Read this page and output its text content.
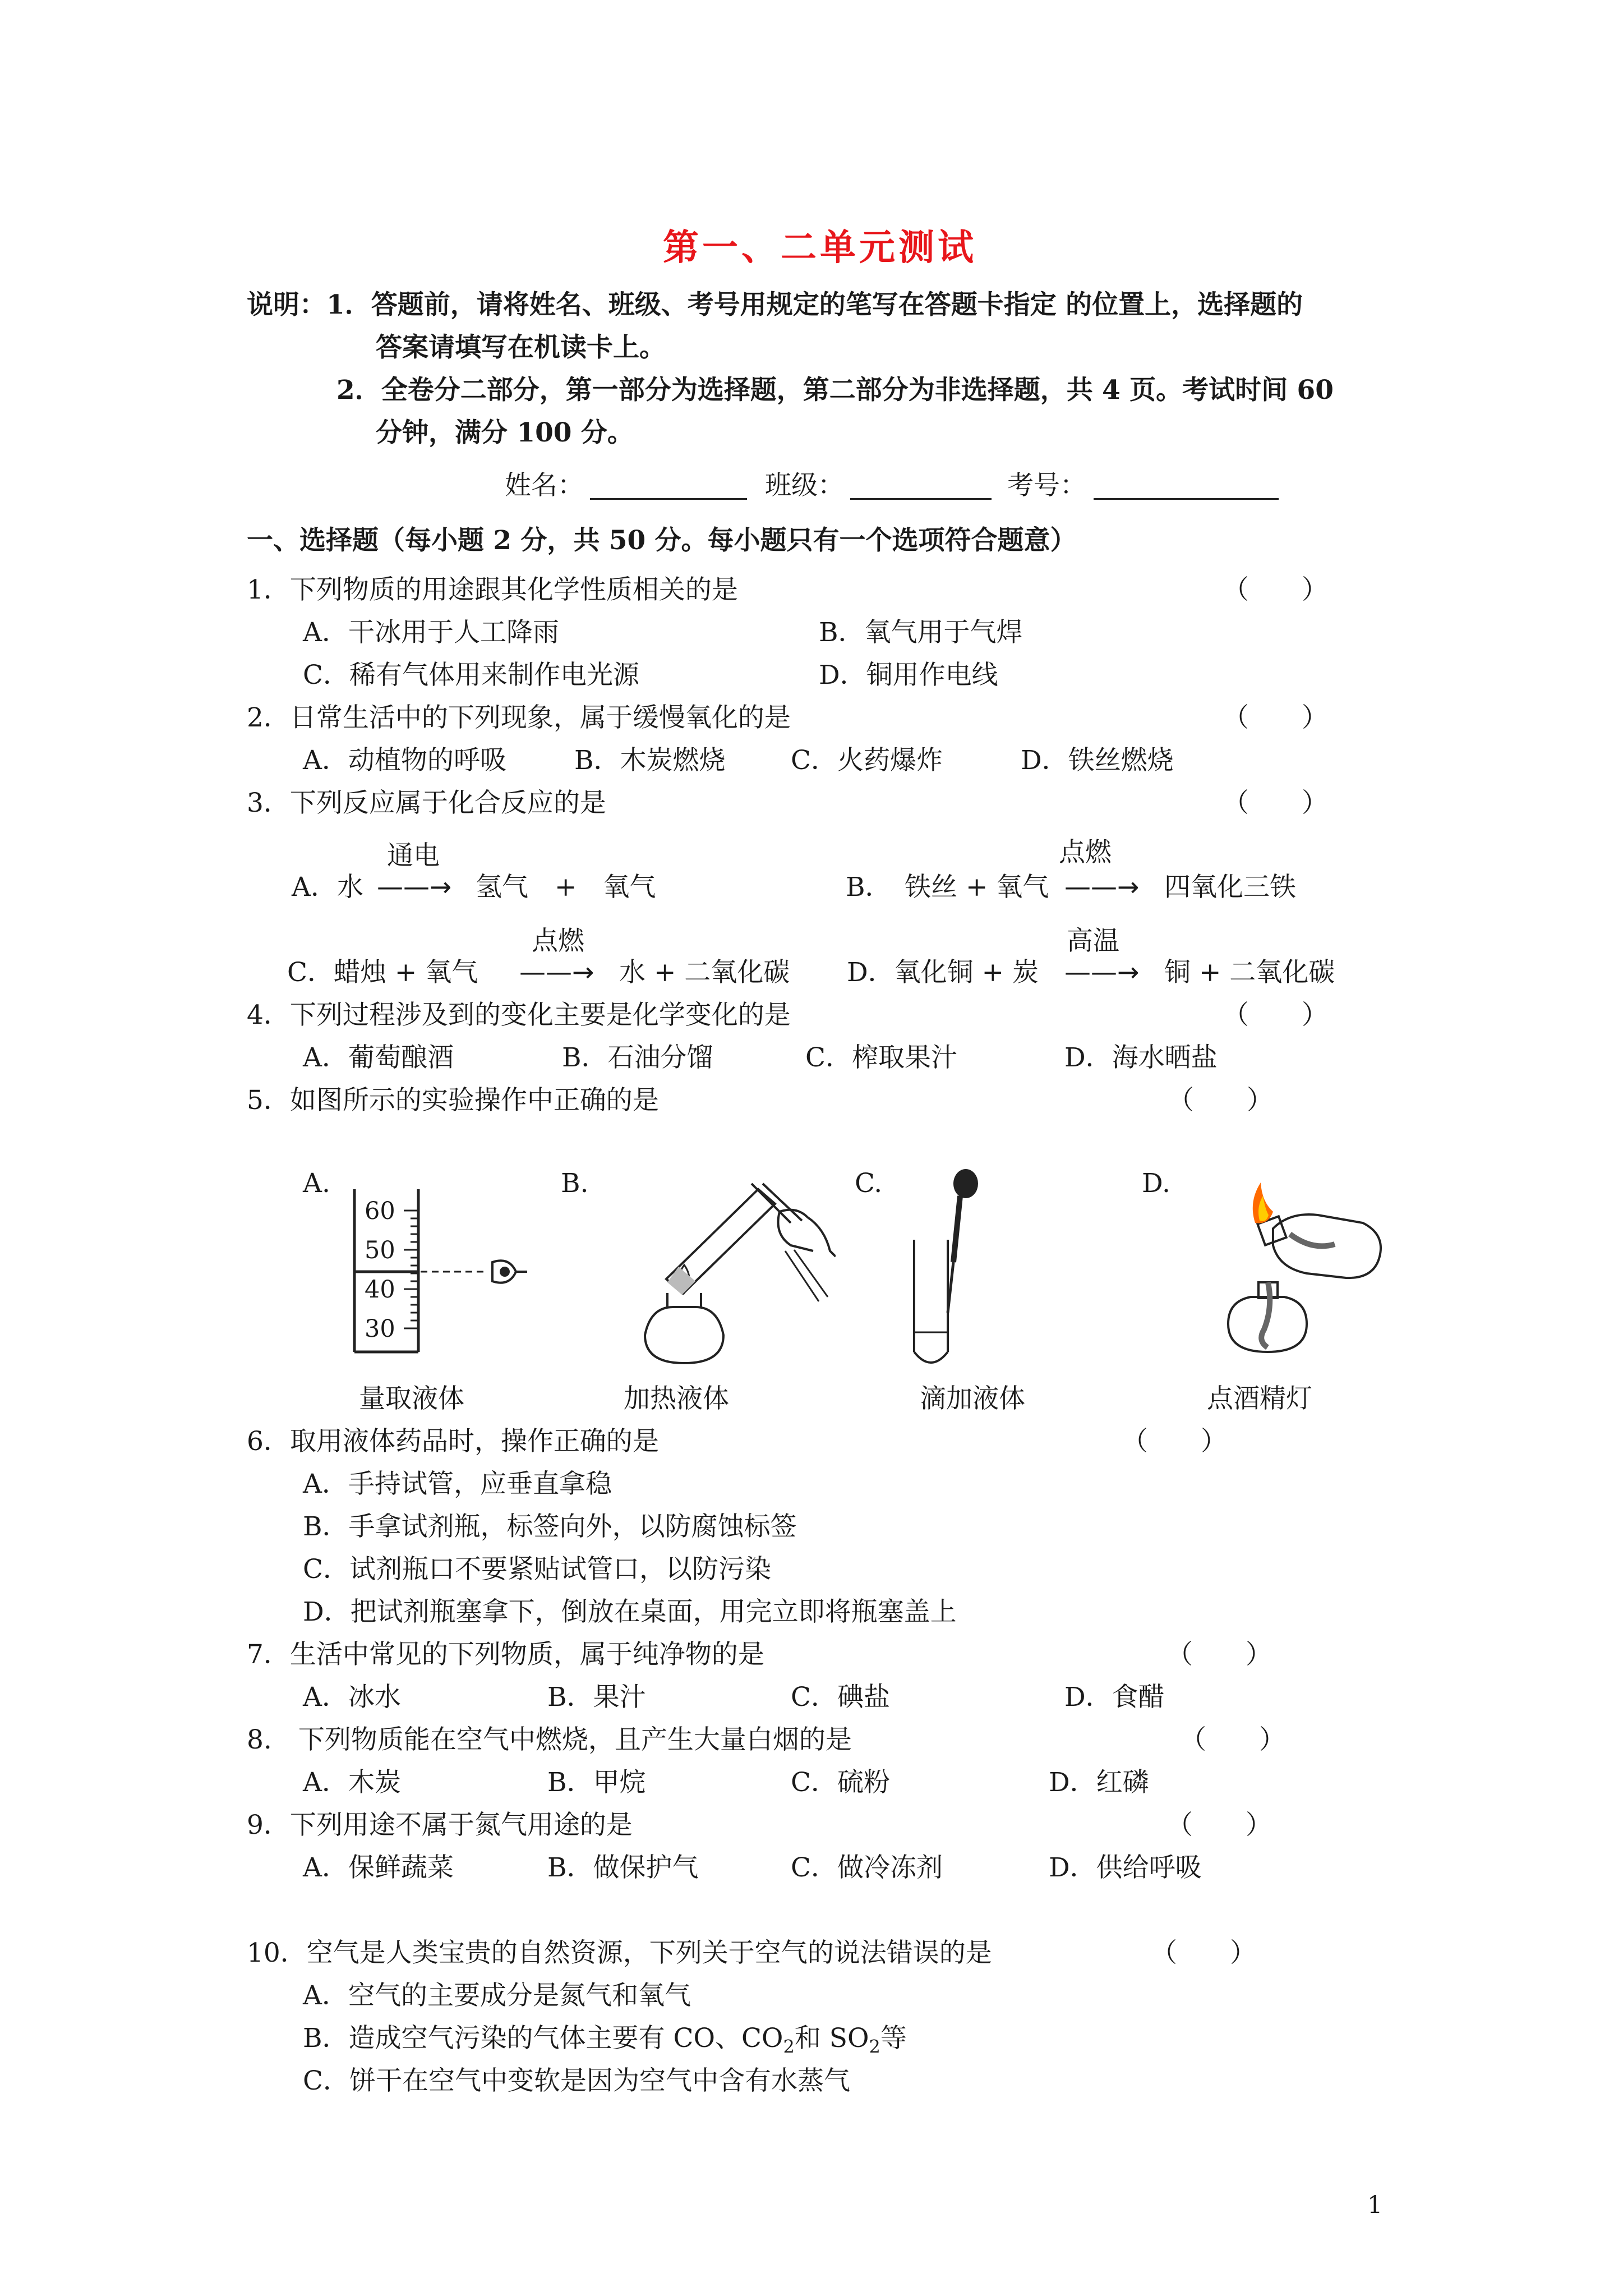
第一、二单元测试
说明： 1．答题前，请将姓名、班级、考号用规定的笔写在答题卡指定 的位置上，选择题的
答案请填写在机读卡上。
2．全卷分二部分，第一部分为选择题，第二部分为非选择题，共 4 页。考试时间 60
分钟，满分 100 分。
姓名：	班级：	考号：
一、选择题（每小题 2 分，共 50 分。每小题只有一个选项符合题意）
1．下列物质的用途跟其化学性质相关的是	（　　）
A．干冰用于人工降雨	B．氧气用于气焊
C．稀有气体用来制作电光源	D．铜用作电线
2．日常生活中的下列现象，属于缓慢氧化的是	（　　）
A．动植物的呼吸	B．木炭燃烧 C．火药爆炸	D．铁丝燃烧
3．下列反应属于化合反应的是	（　　）
通电
A．水 ——→ 氢气　+　氧气
点燃
B．　铁丝 + 氧气 ——→ 四氧化三铁
点燃
C．蜡烛 + 氧气 ——→ 水 + 二氧化碳
高温
D．氧化铜 + 炭 ——→ 铜 + 二氧化碳
4．下列过程涉及到的变化主要是化学变化的是	（　　）
A．葡萄酿酒	B．石油分馏	C．榨取果汁	D．海水晒盐
5．如图所示的实验操作中正确的是	（　　）
A.	B.	C.	D.
60
50
40
30
量取液体	加热液体	滴加液体	点酒精灯
6．取用液体药品时，操作正确的是	（　　）
A．手持试管，应垂直拿稳
B．手拿试剂瓶，标签向外，以防腐蚀标签
C．试剂瓶口不要紧贴试管口，以防污染
D．把试剂瓶塞拿下，倒放在桌面，用完立即将瓶塞盖上
7．生活中常见的下列物质，属于纯净物的是	（　　）
A．冰水	B．果汁	C．碘盐	D．食醋
8.　下列物质能在空气中燃烧，且产生大量白烟的是	（　　）
A．木炭	B．甲烷	C．硫粉	D．红磷
9．下列用途不属于氮气用途的是	（　　）
A．保鲜蔬菜	B．做保护气	C．做冷冻剂	D．供给呼吸
10．空气是人类宝贵的自然资源，下列关于空气的说法错误的是	（　　）
A．空气的主要成分是氮气和氧气
B．造成空气污染的气体主要有 CO、$CO_2$和 $SO_2$等
C．饼干在空气中变软是因为空气中含有水蒸气
1
